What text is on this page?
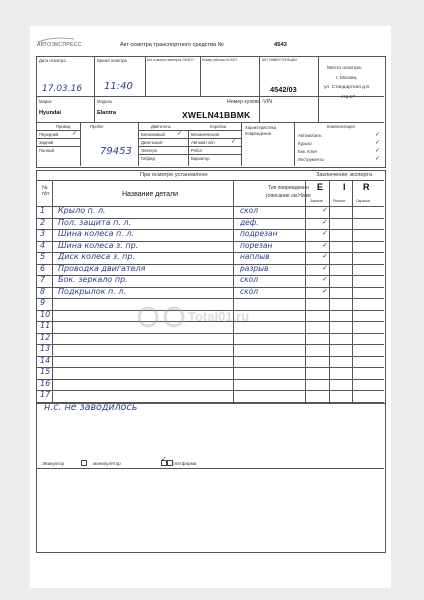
АВТОЭКСПРЕСС	Акт осмотра транспортного средства №	4543
Дата осмотра
17.03.16
Время осмотра
11:40
Акт осмотра эксперта ОСАГО Номер убытка ОСАГО	АКТ ИНВЕСТИГАЦИИ
4542/03
Место осмотра:
г. Москва,
ул. Стандартная д.6,
стр.17
Марка
Hyundai
Модель
Elantra
Номер кузова -VIN
XWELN41BBMK
Привод
Передний ✓
Задний
Полный
Пробег
79453
Двигатель
Бензиновый ✓
Дизельный
Электро
Гибрид
Коробка
Механическая
Автомат кпп	✓
Робот
Вариатор
Характеристика
повреждения
Комплектация
Автомобиль	✓
Курьер	✓
Бак. Ключ	✓
Инструменты	✓
При осмотре установлено	Заключение эксперта
№
п/п	Название детали
Тип повреждения
(описание см.Ниже
E I R
Замена	Ремонт	Окраска
1 Крыло п. л.	скол	✓
2 Пол. защита п. л.	деф.	✓
3 Шина колеса п. л.	подрезан	✓
4 Шина колеса з. пр.	порезан	✓
5 Диск колеса з. пр.	наплыв	✓
6 Проводка двигателя	разрыв	✓
7 Бок. зеркало пр.	скол	✓
8 Подкрылок п. л.	скол	✓
9
10
11
12
13
14
15
16
17
Total01.ru
н.с. не заводилось
Эвакуатор	манипулятор
✓
платформа
